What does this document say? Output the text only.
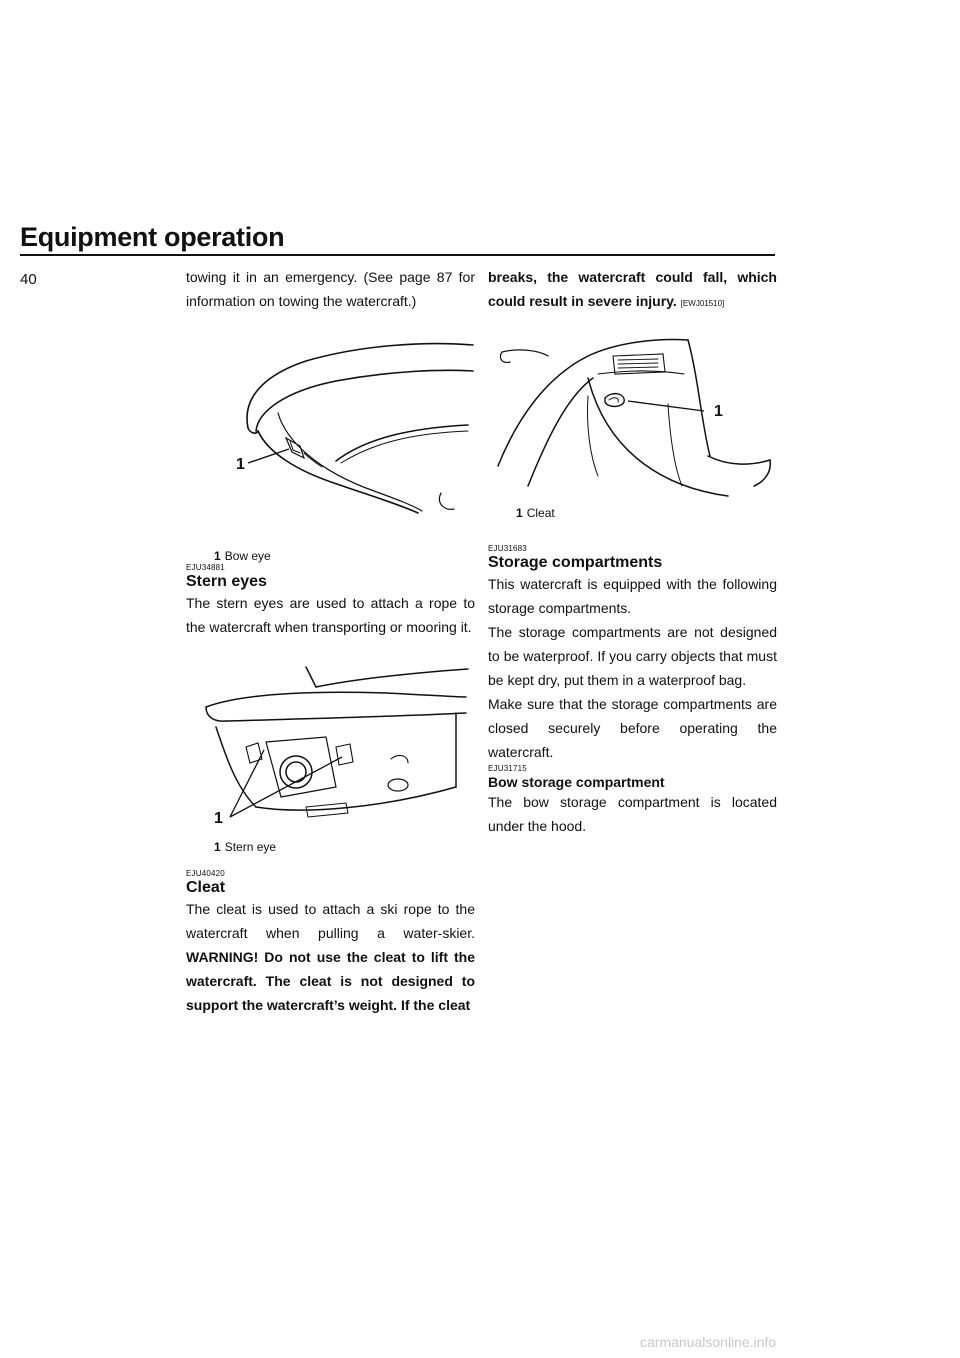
Equipment operation
40	towing it in an emergency. (See page 87 for information on towing the watercraft.)

1
1 Bow eye

EJU34881

Stern eyes

The stern eyes are used to attach a rope to the watercraft when transporting or mooring it.

1
1 Stern eye

EJU40420

Cleat

The cleat is used to attach a ski rope to the watercraft when pulling a water-skier.

WARNING! Do not use the cleat to lift the watercraft. The cleat is not designed to support the watercraft’s weight. If the cleat

breaks, the watercraft could fall, which could result in severe injury. [EWJ01510]

1
1 Cleat

EJU31683

Storage compartments

This watercraft is equipped with the following storage compartments.

The storage compartments are not designed to be waterproof. If you carry objects that must be kept dry, put them in a waterproof bag.

Make sure that the storage compartments are closed securely before operating the watercraft.

EJU31715

Bow storage compartment

The bow storage compartment is located under the hood.

carmanualsonline.info
